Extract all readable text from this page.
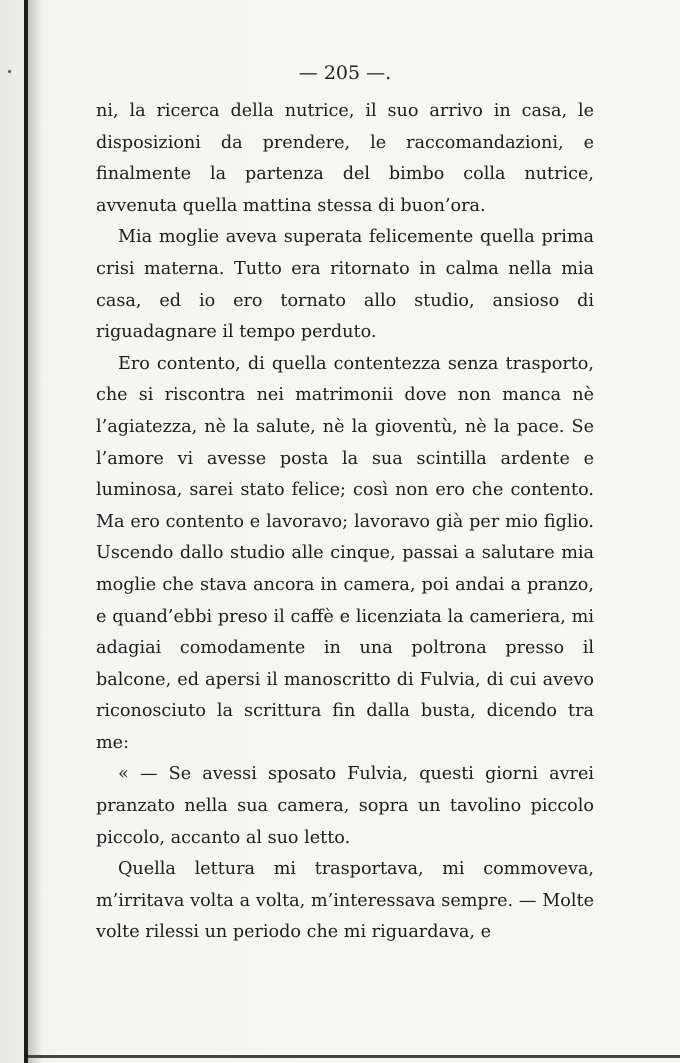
— 205 —.

ni, la ricerca della nutrice, il suo arrivo in casa, le disposizioni da prendere, le raccomandazioni, e finalmente la partenza del bimbo colla nutrice, avvenuta quella mattina stessa di buon’ora.

Mia moglie aveva superata felicemente quella prima crisi materna. Tutto era ritornato in calma nella mia casa, ed io ero tornato allo studio, ansioso di riguadagnare il tempo perduto.

Ero contento, di quella contentezza senza trasporto, che si riscontra nei matrimonii dove non manca nè l’agiatezza, nè la salute, nè la gioventù, nè la pace. Se l’amore vi avesse posta la sua scintilla ardente e luminosa, sarei stato felice; così non ero che contento. Ma ero contento e lavoravo; lavoravo già per mio figlio. Uscendo dallo studio alle cinque, passai a salutare mia moglie che stava ancora in camera, poi andai a pranzo, e quand’ebbi preso il caffè e licenziata la cameriera, mi adagiai comodamente in una poltrona presso il balcone, ed apersi il manoscritto di Fulvia, di cui avevo riconosciuto la scrittura fin dalla busta, dicendo tra me:

« — Se avessi sposato Fulvia, questi giorni avrei pranzato nella sua camera, sopra un tavolino piccolo piccolo, accanto al suo letto.

Quella lettura mi trasportava, mi commoveva, m’irritava volta a volta, m’interessava sempre. — Molte volte rilessi un periodo che mi riguardava, e
